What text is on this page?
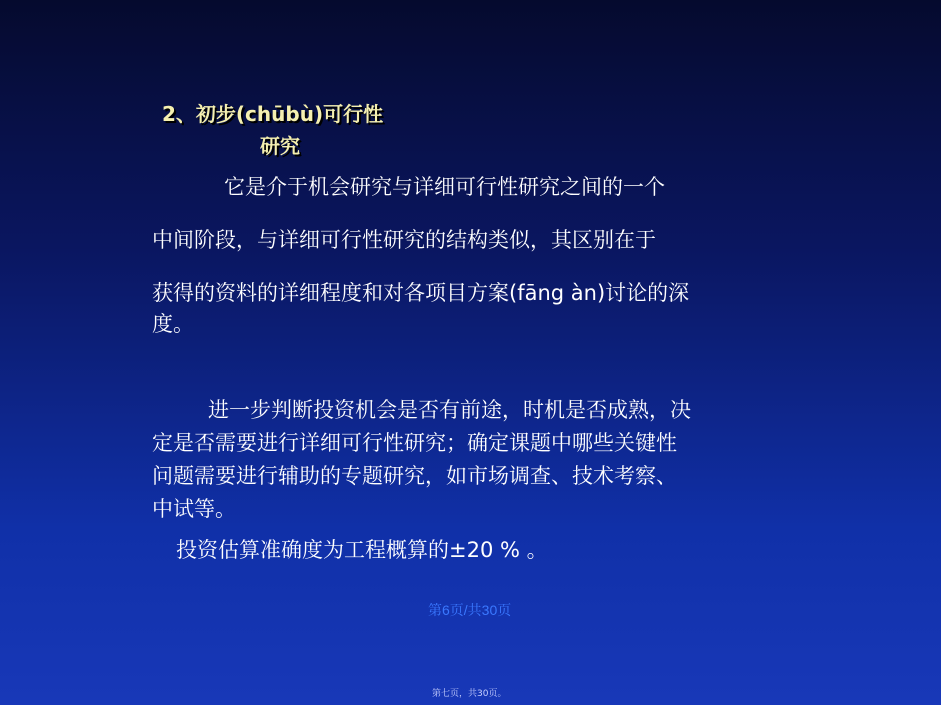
2、初步(chūbù)可行性
研究
它是介于机会研究与详细可行性研究之间的一个
中间阶段，与详细可行性研究的结构类似，其区别在于
获得的资料的详细程度和对各项目方案(fāng àn)讨论的深
度。
进一步判断投资机会是否有前途，时机是否成熟，决
定是否需要进行详细可行性研究；确定课题中哪些关键性
问题需要进行辅助的专题研究，如市场调查、技术考察、
中试等。
投资估算准确度为工程概算的±20 % 。
第6页/共30页
第七页，共30页。
